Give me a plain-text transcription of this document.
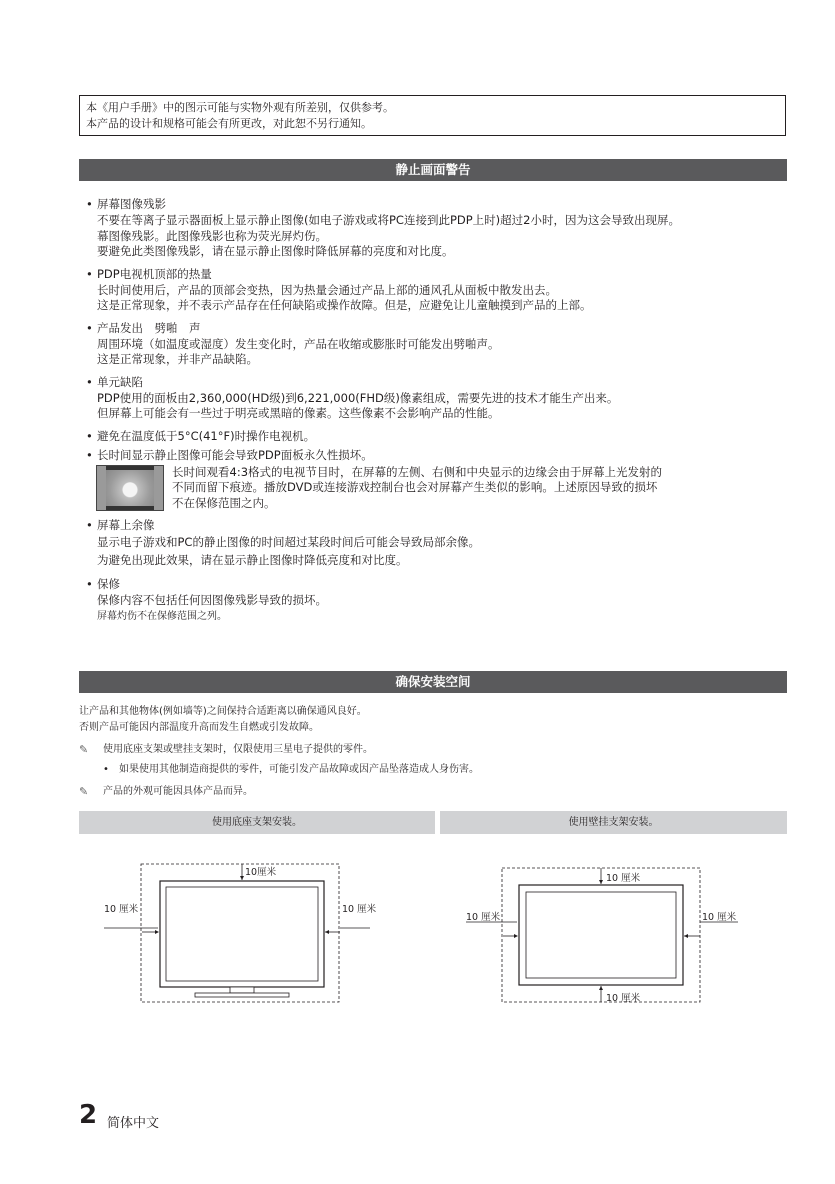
本《用户手册》中的图示可能与实物外观有所差别，仅供参考。
本产品的设计和规格可能会有所更改，对此恕不另行通知。
静止画面警告
• 屏幕图像残影
不要在等离子显示器面板上显示静止图像(如电子游戏或将PC连接到此PDP上时)超过2小时，因为这会导致出现屏。
幕图像残影。此图像残影也称为荧光屏灼伤。
要避免此类图像残影，请在显示静止图像时降低屏幕的亮度和对比度。
• PDP电视机顶部的热量
长时间使用后，产品的顶部会变热，因为热量会通过产品上部的通风孔从面板中散发出去。
这是正常现象，并不表示产品存在任何缺陷或操作故障。但是，应避免让儿童触摸到产品的上部。
• 产品发出　劈啪　声
周围环境（如温度或湿度）发生变化时，产品在收缩或膨胀时可能发出劈啪声。
这是正常现象，并非产品缺陷。
• 单元缺陷
PDP使用的面板由2,360,000(HD级)到6,221,000(FHD级)像素组成，需要先进的技术才能生产出来。
但屏幕上可能会有一些过于明亮或黑暗的像素。这些像素不会影响产品的性能。
• 避免在温度低于5°C(41°F)时操作电视机。
• 长时间显示静止图像可能会导致PDP面板永久性损坏。
长时间观看4:3格式的电视节目时，在屏幕的左侧、右侧和中央显示的边缘会由于屏幕上光发射的
不同而留下痕迹。播放DVD或连接游戏控制台也会对屏幕产生类似的影响。上述原因导致的损坏
不在保修范围之内。
• 屏幕上余像
显示电子游戏和PC的静止图像的时间超过某段时间后可能会导致局部余像。
为避免出现此效果，请在显示静止图像时降低亮度和对比度。
• 保修
保修内容不包括任何因图像残影导致的损坏。
屏幕灼伤不在保修范围之列。
确保安装空间
让产品和其他物体(例如墙等)之间保持合适距离以确保通风良好。
否则产品可能因内部温度升高而发生自燃或引发故障。
✎ 使用底座支架或壁挂支架时，仅限使用三星电子提供的零件。
• 如果使用其他制造商提供的零件，可能引发产品故障或因产品坠落造成人身伤害。
✎ 产品的外观可能因具体产品而异。
使用底座支架安装。	使用壁挂支架安装。
10厘米
10 厘米	10 厘米
10 厘米
10 厘米	10 厘米
10 厘米
2 简体中文
